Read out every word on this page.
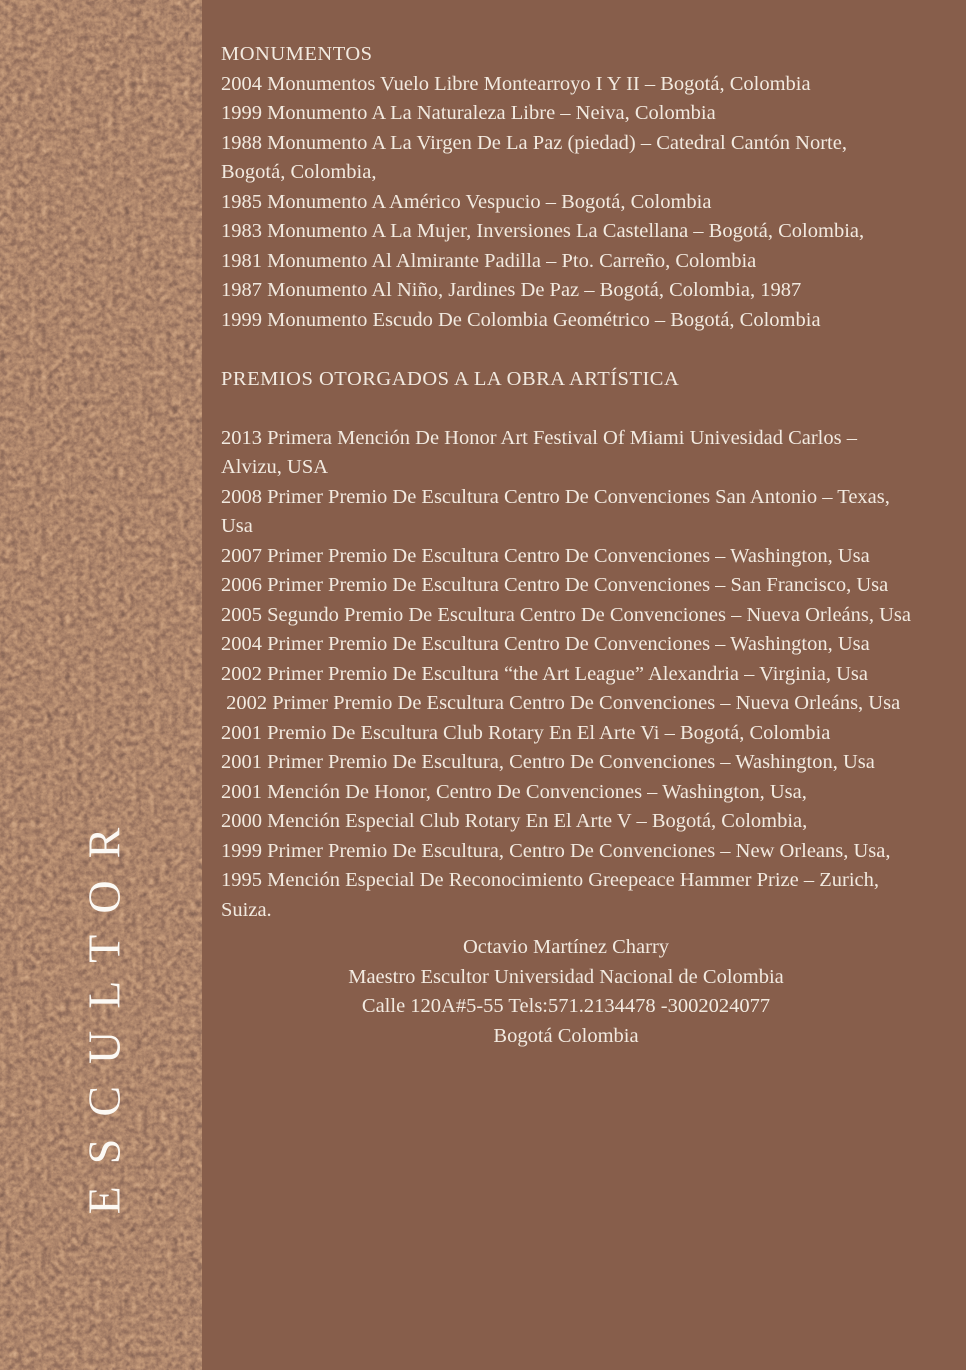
ESCULTOR
MONUMENTOS
2004 Monumentos Vuelo Libre Montearroyo I Y II – Bogotá, Colombia
1999 Monumento A La Naturaleza Libre – Neiva, Colombia
1988 Monumento A La Virgen De La Paz (piedad) – Catedral Cantón Norte, Bogotá, Colombia,
1985 Monumento A Américo Vespucio – Bogotá, Colombia
1983 Monumento A La Mujer, Inversiones La Castellana – Bogotá, Colombia,
1981 Monumento Al Almirante Padilla – Pto. Carreño, Colombia
1987 Monumento Al Niño, Jardines De Paz – Bogotá, Colombia, 1987
1999 Monumento Escudo De Colombia Geométrico – Bogotá, Colombia
PREMIOS OTORGADOS A LA OBRA ARTÍSTICA
2013 Primera Mención De Honor Art Festival Of Miami Univesidad Carlos – Alvizu, USA
2008 Primer Premio De Escultura Centro De Convenciones San Antonio – Texas, Usa
2007 Primer Premio De Escultura Centro De Convenciones – Washington, Usa
2006 Primer Premio De Escultura Centro De Convenciones – San Francisco, Usa
2005 Segundo Premio De Escultura Centro De Convenciones – Nueva Orleáns, Usa
2004 Primer Premio De Escultura Centro De Convenciones – Washington, Usa
2002 Primer Premio De Escultura “the Art League” Alexandria – Virginia, Usa
2002 Primer Premio De Escultura Centro De Convenciones – Nueva Orleáns, Usa
2001 Premio De Escultura Club Rotary En El Arte Vi – Bogotá, Colombia
2001 Primer Premio De Escultura, Centro De Convenciones – Washington, Usa
2001 Mención De Honor, Centro De Convenciones – Washington, Usa,
2000 Mención Especial Club Rotary En El Arte V – Bogotá, Colombia,
1999 Primer Premio De Escultura, Centro De Convenciones – New Orleans, Usa,
1995 Mención Especial De Reconocimiento Greepeace Hammer Prize – Zurich, Suiza.
Octavio Martínez Charry
Maestro Escultor Universidad Nacional de Colombia
Calle 120A#5-55 Tels:571.2134478 -3002024077
Bogotá Colombia
